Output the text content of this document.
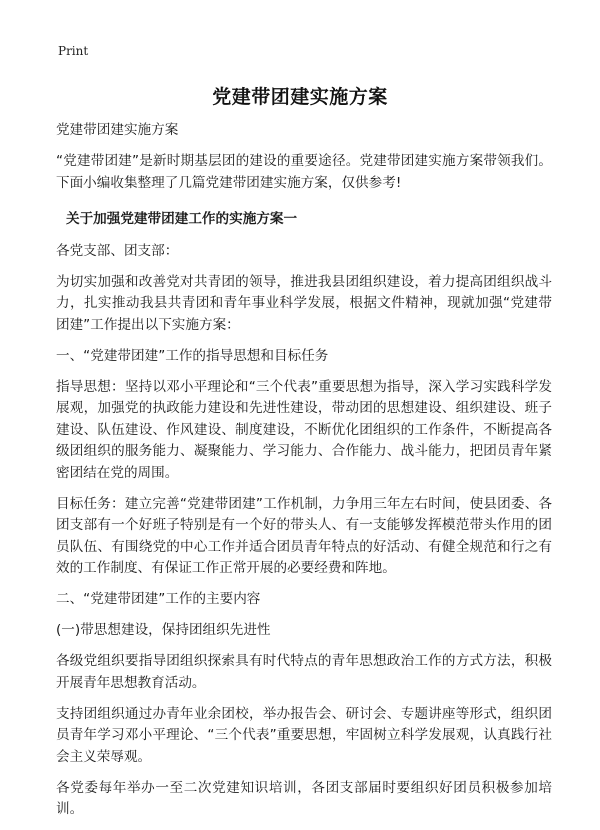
Print
党建带团建实施方案

党建带团建实施方案

“党建带团建”是新时期基层团的建设的重要途径。党建带团建实施方案带领我们。下面小编收集整理了几篇党建带团建实施方案，仅供参考!

关于加强党建带团建工作的实施方案一

各党支部、团支部：

为切实加强和改善党对共青团的领导，推进我县团组织建设，着力提高团组织战斗力，扎实推动我县共青团和青年事业科学发展，根据文件精神，现就加强“党建带团建”工作提出以下实施方案：

一、“党建带团建”工作的指导思想和目标任务

指导思想：坚持以邓小平理论和“三个代表”重要思想为指导，深入学习实践科学发展观，加强党的执政能力建设和先进性建设，带动团的思想建设、组织建设、班子建设、队伍建设、作风建设、制度建设，不断优化团组织的工作条件，不断提高各级团组织的服务能力、凝聚能力、学习能力、合作能力、战斗能力，把团员青年紧密团结在党的周围。

目标任务：建立完善“党建带团建”工作机制，力争用三年左右时间，使县团委、各团支部有一个好班子特别是有一个好的带头人、有一支能够发挥模范带头作用的团员队伍、有围绕党的中心工作并适合团员青年特点的好活动、有健全规范和行之有效的工作制度、有保证工作正常开展的必要经费和阵地。

二、“党建带团建”工作的主要内容

(一)带思想建设，保持团组织先进性

各级党组织要指导团组织探索具有时代特点的青年思想政治工作的方式方法，积极开展青年思想教育活动。

支持团组织通过办青年业余团校，举办报告会、研讨会、专题讲座等形式，组织团员青年学习邓小平理论、“三个代表”重要思想，牢固树立科学发展观，认真践行社会主义荣辱观。

各党委每年举办一至二次党建知识培训，各团支部届时要组织好团员积极参加培训。
